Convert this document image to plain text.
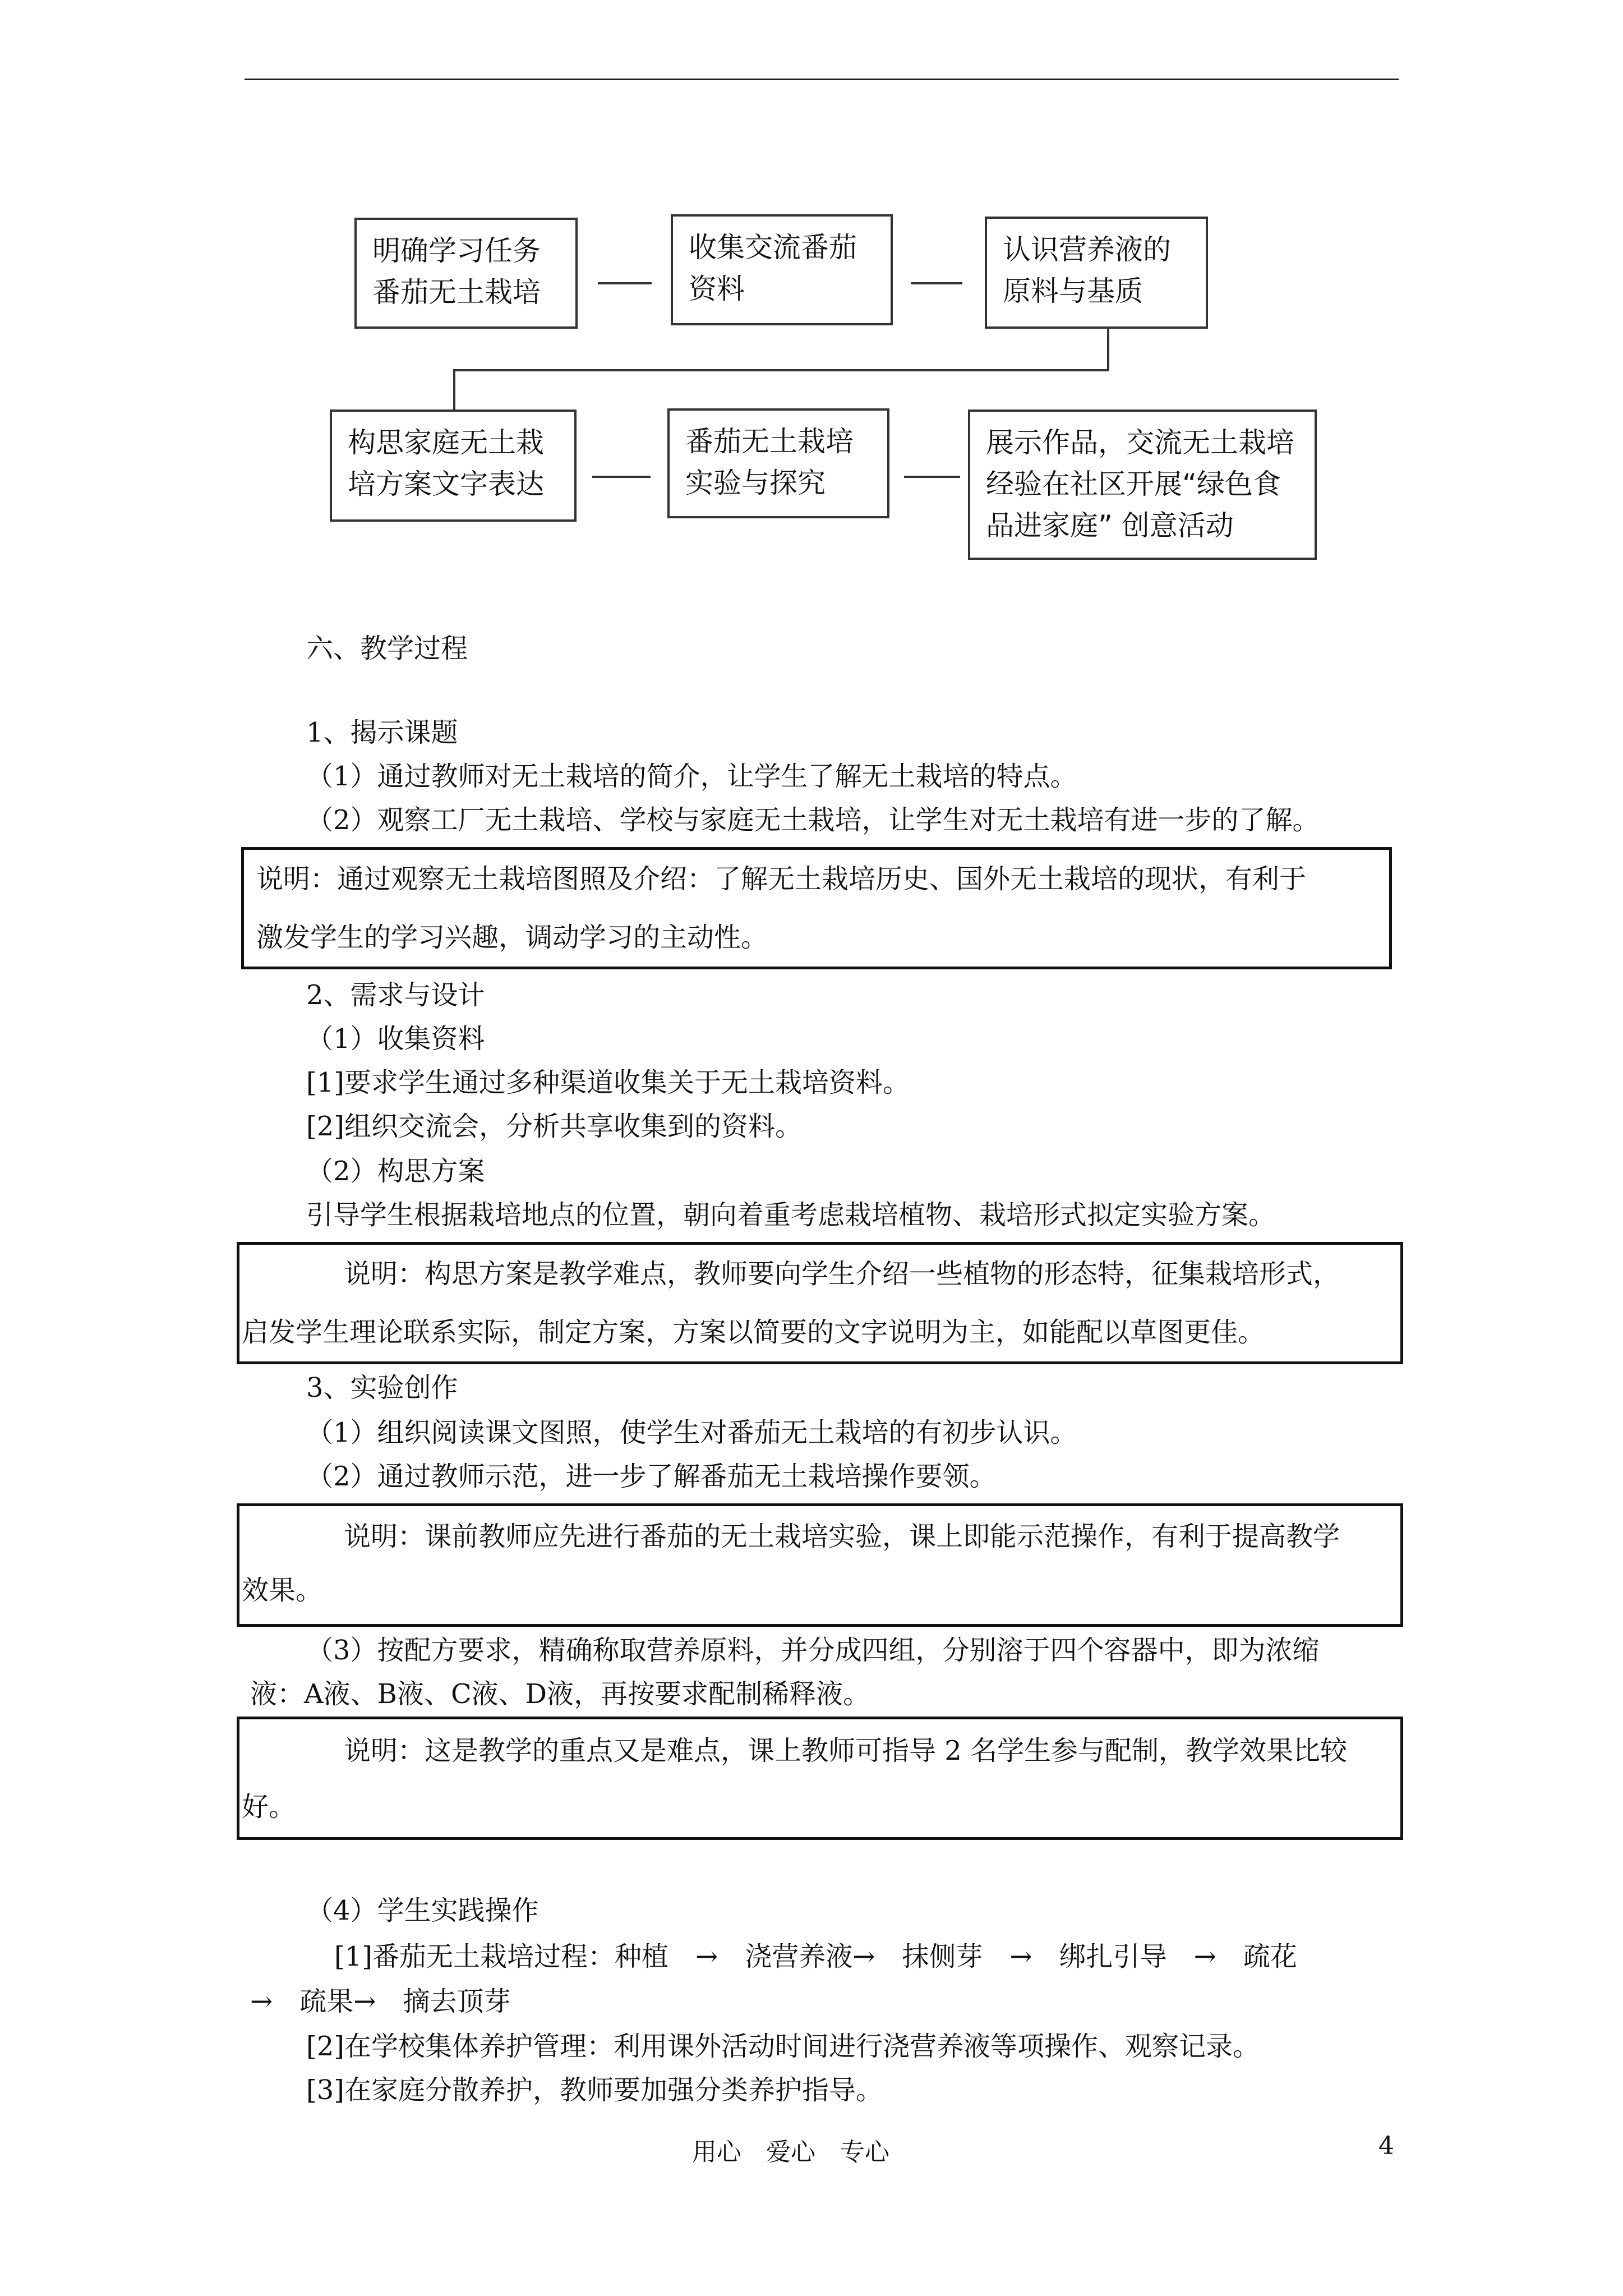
明确学习任务
番茄无土栽培
收集交流番茄
资料
认识营养液的
原料与基质
构思家庭无土栽
培方案文字表达
番茄无土栽培
实验与探究
展示作品，交流无土栽培
经验在社区开展“绿色食
品进家庭” 创意活动
六、教学过程
1、揭示课题
（1）通过教师对无土栽培的简介，让学生了解无土栽培的特点。
（2）观察工厂无土栽培、学校与家庭无土栽培，让学生对无土栽培有进一步的了解。
说明：通过观察无土栽培图照及介绍：了解无土栽培历史、国外无土栽培的现状，有利于
激发学生的学习兴趣，调动学习的主动性。
2、需求与设计
（1）收集资料
[1]要求学生通过多种渠道收集关于无土栽培资料。
[2]组织交流会，分析共享收集到的资料。
（2）构思方案
引导学生根据栽培地点的位置，朝向着重考虑栽培植物、栽培形式拟定实验方案。
说明：构思方案是教学难点，教师要向学生介绍一些植物的形态特，征集栽培形式，
启发学生理论联系实际，制定方案，方案以简要的文字说明为主，如能配以草图更佳。
3、实验创作
（1）组织阅读课文图照，使学生对番茄无土栽培的有初步认识。
（2）通过教师示范，进一步了解番茄无土栽培操作要领。
说明：课前教师应先进行番茄的无土栽培实验，课上即能示范操作，有利于提高教学
效果。
（3）按配方要求，精确称取营养原料，并分成四组，分别溶于四个容器中，即为浓缩
液：A液、B液、C液、D液，再按要求配制稀释液。
说明：这是教学的重点又是难点，课上教师可指导 2 名学生参与配制，教学效果比较
好。
（4）学生实践操作
[1]番茄无土栽培过程：种植　→　浇营养液→　抹侧芽　→　绑扎引导　→　疏花
→　疏果→　摘去顶芽
[2]在学校集体养护管理：利用课外活动时间进行浇营养液等项操作、观察记录。
[3]在家庭分散养护，教师要加强分类养护指导。
用心　爱心　专心	4
